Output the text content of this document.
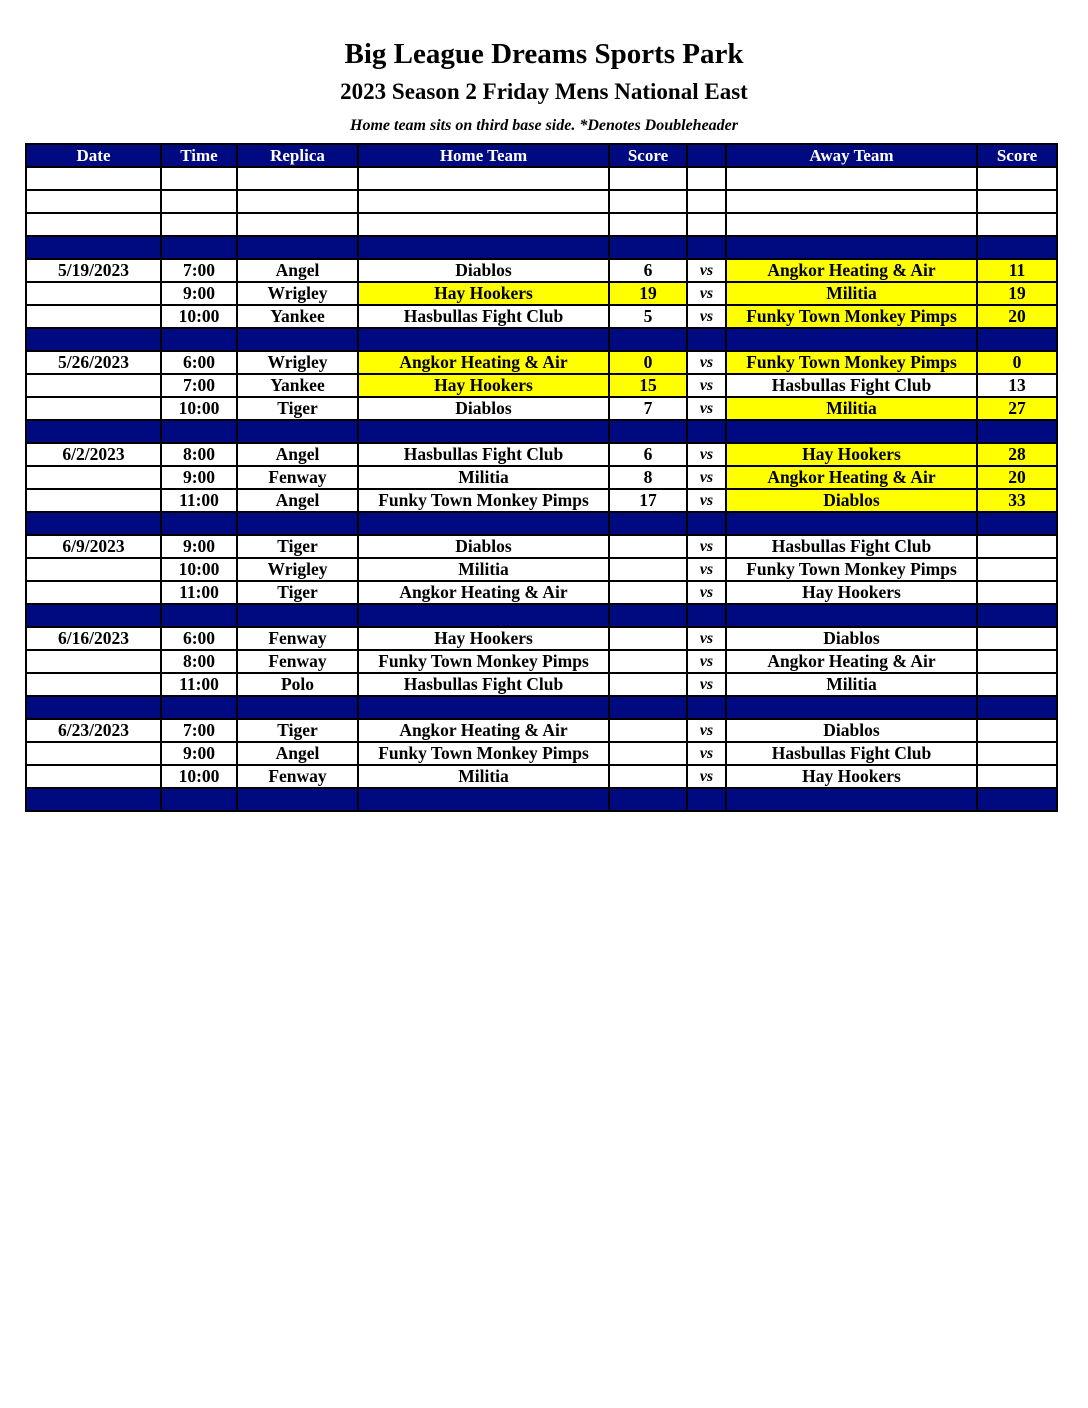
Big League Dreams Sports Park
2023 Season 2 Friday Mens National East
Home team sits on third base side. *Denotes Doubleheader
Date	Time	Replica	Home Team	Score		Away Team	Score

5/19/2023	7:00	Angel	Diablos	6	vs	Angkor Heating & Air	11
	9:00	Wrigley	Hay Hookers	19	vs	Militia	19
	10:00	Yankee	Hasbullas Fight Club	5	vs	Funky Town Monkey Pimps	20

5/26/2023	6:00	Wrigley	Angkor Heating & Air	0	vs	Funky Town Monkey Pimps	0
	7:00	Yankee	Hay Hookers	15	vs	Hasbullas Fight Club	13
	10:00	Tiger	Diablos	7	vs	Militia	27

6/2/2023	8:00	Angel	Hasbullas Fight Club	6	vs	Hay Hookers	28
	9:00	Fenway	Militia	8	vs	Angkor Heating & Air	20
	11:00	Angel	Funky Town Monkey Pimps	17	vs	Diablos	33

6/9/2023	9:00	Tiger	Diablos		vs	Hasbullas Fight Club	
	10:00	Wrigley	Militia		vs	Funky Town Monkey Pimps	
	11:00	Tiger	Angkor Heating & Air		vs	Hay Hookers	

6/16/2023	6:00	Fenway	Hay Hookers		vs	Diablos	
	8:00	Fenway	Funky Town Monkey Pimps		vs	Angkor Heating & Air	
	11:00	Polo	Hasbullas Fight Club		vs	Militia	

6/23/2023	7:00	Tiger	Angkor Heating & Air		vs	Diablos	
	9:00	Angel	Funky Town Monkey Pimps		vs	Hasbullas Fight Club	
	10:00	Fenway	Militia		vs	Hay Hookers	
